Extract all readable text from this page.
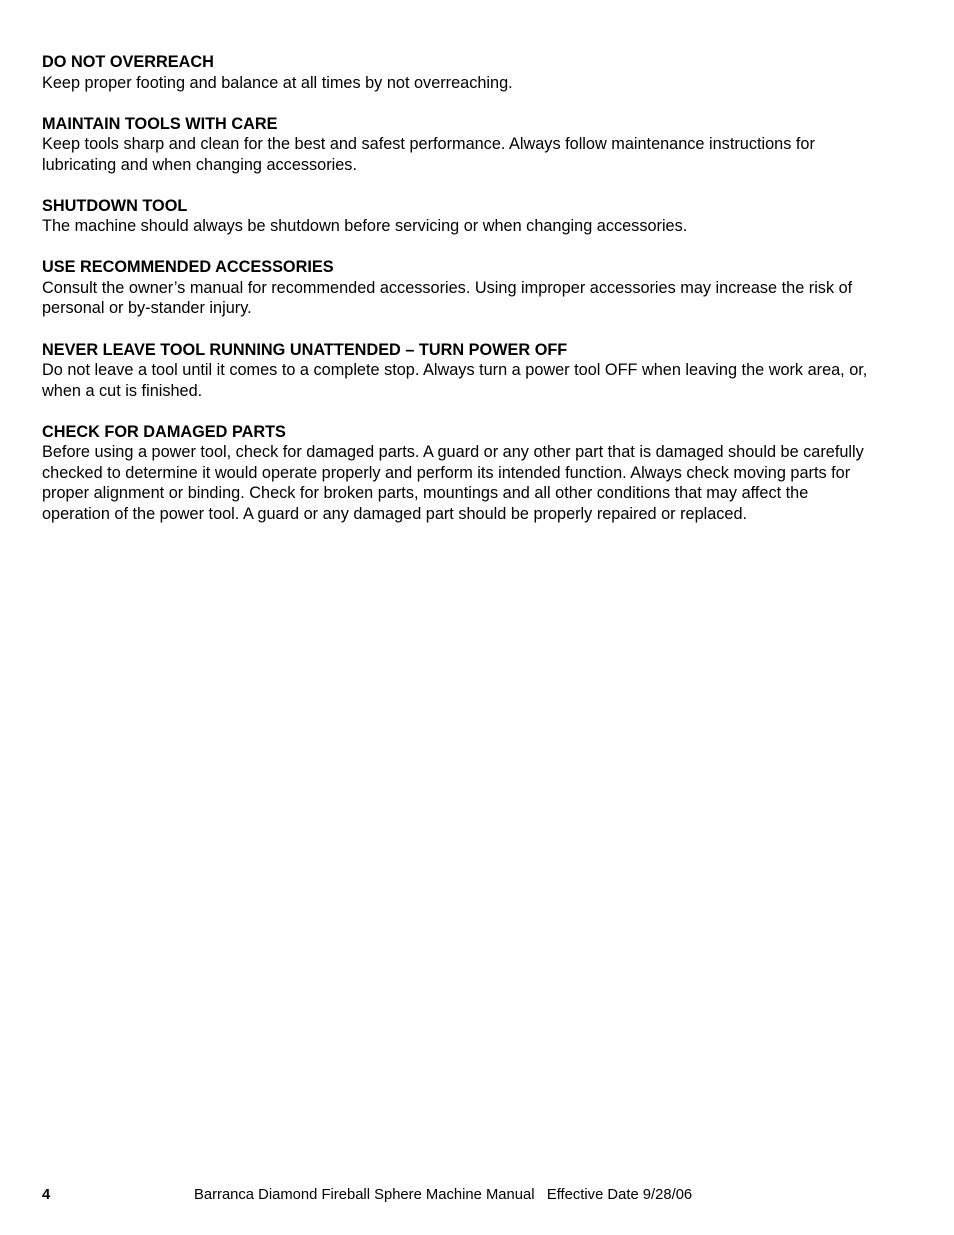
DO NOT OVERREACH

Keep proper footing and balance at all times by not overreaching.

MAINTAIN TOOLS WITH CARE

Keep tools sharp and clean for the best and safest performance. Always follow maintenance instructions for lubricating and when changing accessories.

SHUTDOWN TOOL

The machine should always be shutdown before servicing or when changing accessories.

USE RECOMMENDED ACCESSORIES

Consult the owner’s manual for recommended accessories. Using improper accessories may increase the risk of personal or by-stander injury.

NEVER LEAVE TOOL RUNNING UNATTENDED – TURN POWER OFF

Do not leave a tool until it comes to a complete stop. Always turn a power tool OFF when leaving the work area, or, when a cut is finished.

CHECK FOR DAMAGED PARTS

Before using a power tool, check for damaged parts. A guard or any other part that is damaged should be carefully checked to determine it would operate properly and perform its intended function. Always check moving parts for proper alignment or binding. Check for broken parts, mountings and all other conditions that may affect the operation of the power tool. A guard or any damaged part should be properly repaired or replaced.

4	Barranca Diamond Fireball Sphere Machine Manual   Effective Date 9/28/06
